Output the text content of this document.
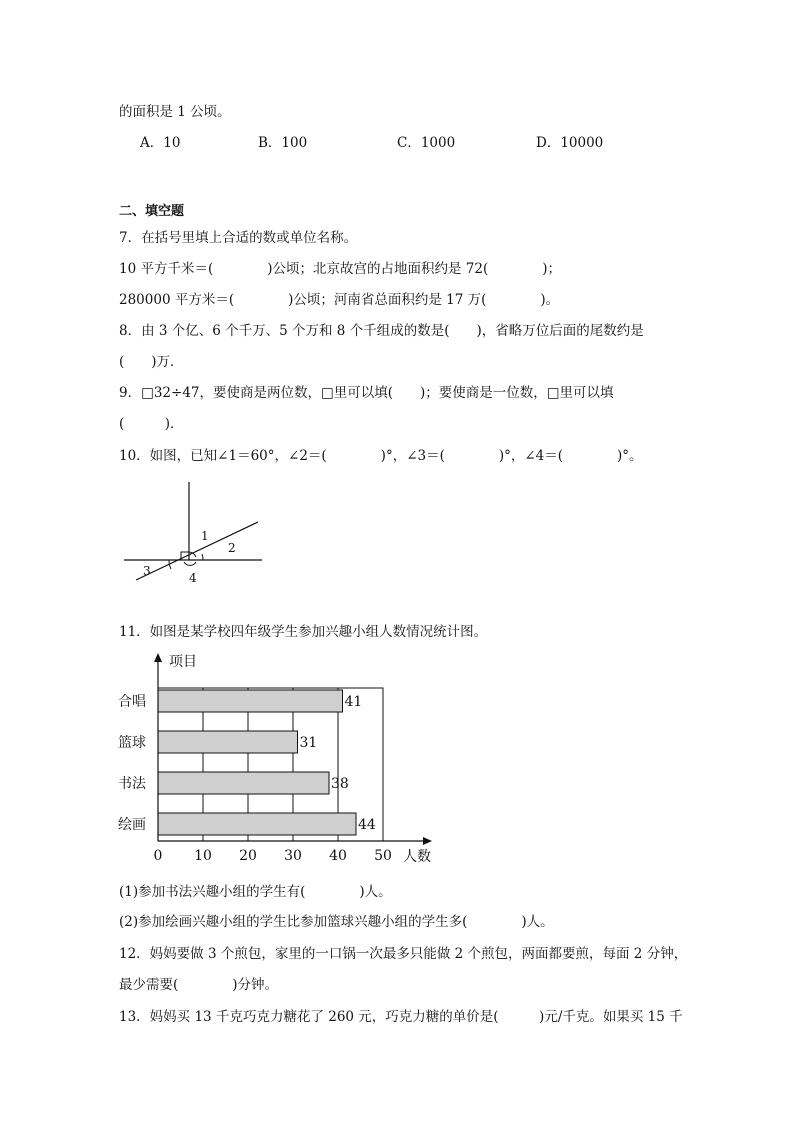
的面积是 1 公顷。
A．10	B．100	C．1000	D．10000
二、填空题
7．在括号里填上合适的数或单位名称。
10 平方千米＝(　　　　)公顷；北京故宫的占地面积约是 72(　　　　)；
280000 平方米＝(　　　　)公顷；河南省总面积约是 17 万(　　　　)。
8．由 3 个亿、6 个千万、5 个万和 8 个千组成的数是(　　)，省略万位后面的尾数约是
(　　)万．
9．□32÷47，要使商是两位数，□里可以填(　　)；要使商是一位数，□里可以填
(　　　)．
10．如图，已知∠1＝60°，∠2＝(　　　　)°，∠3＝(　　　　)°，∠4＝(　　　　)°。
1
2
3	4
11．如图是某学校四年级学生参加兴趣小组人数情况统计图。
0 10 20 30 40 50
合唱	41
篮球	31
书法	38
绘画	44
项目
人数
(1)参加书法兴趣小组的学生有(　　　　)人。
(2)参加绘画兴趣小组的学生比参加篮球兴趣小组的学生多(　　　　)人。
12．妈妈要做 3 个煎包，家里的一口锅一次最多只能做 2 个煎包，两面都要煎，每面 2 分钟，
最少需要(　　　　)分钟。
13．妈妈买 13 千克巧克力糖花了 260 元，巧克力糖的单价是(　　　)元/千克。如果买 15 千
